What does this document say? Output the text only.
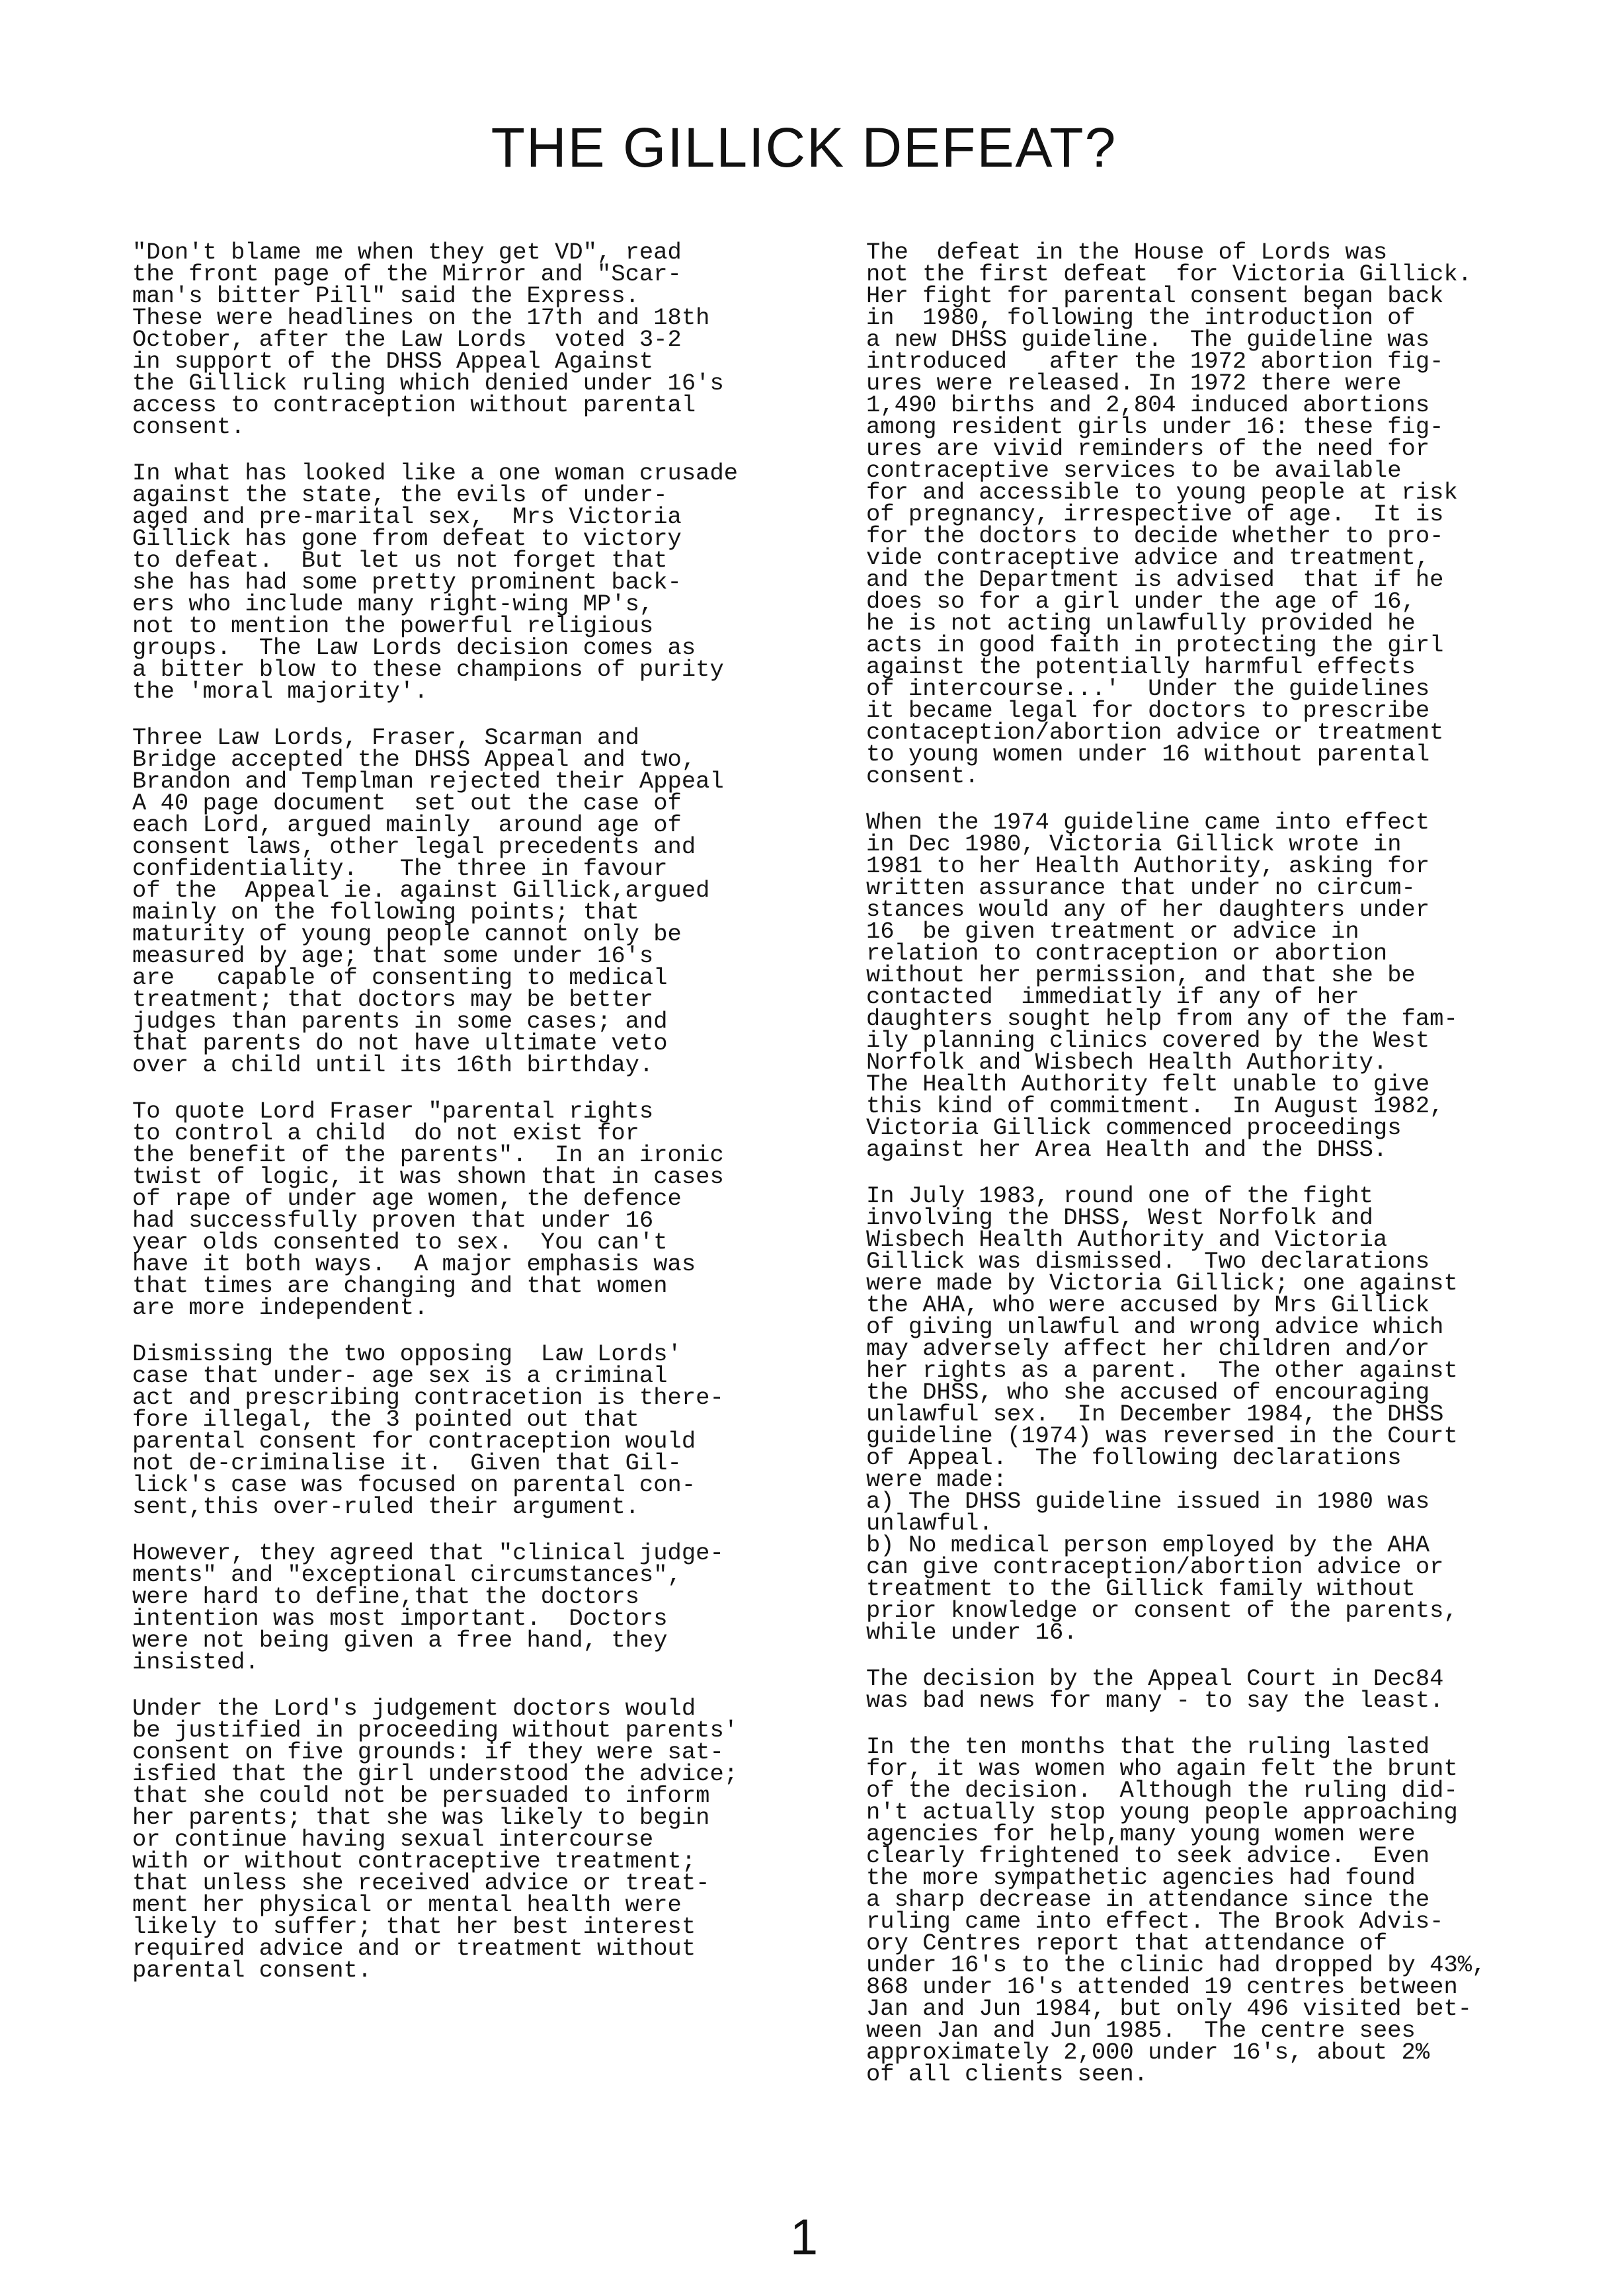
THE GILLICK DEFEAT?
"Don't blame me when they get VD", read
the front page of the Mirror and "Scar-
man's bitter Pill" said the Express.
These were headlines on the 17th and 18th
October, after the Law Lords  voted 3-2
in support of the DHSS Appeal Against
the Gillick ruling which denied under 16's
access to contraception without parental
consent.
In what has looked like a one woman crusade
against the state, the evils of under-
aged and pre-marital sex,  Mrs Victoria
Gillick has gone from defeat to victory
to defeat.  But let us not forget that
she has had some pretty prominent back-
ers who include many right-wing MP's,
not to mention the powerful religious
groups.  The Law Lords decision comes as
a bitter blow to these champions of purity
the 'moral majority'.
Three Law Lords, Fraser, Scarman and
Bridge accepted the DHSS Appeal and two,
Brandon and Templman rejected their Appeal
A 40 page document  set out the case of
each Lord, argued mainly  around age of
consent laws, other legal precedents and
confidentiality.   The three in favour
of the  Appeal ie. against Gillick,argued
mainly on the following points; that
maturity of young people cannot only be
measured by age; that some under 16's
are   capable of consenting to medical
treatment; that doctors may be better
judges than parents in some cases; and
that parents do not have ultimate veto
over a child until its 16th birthday.
To quote Lord Fraser "parental rights
to control a child  do not exist for
the benefit of the parents".  In an ironic
twist of logic, it was shown that in cases
of rape of under age women, the defence
had successfully proven that under 16
year olds consented to sex.  You can't
have it both ways.  A major emphasis was
that times are changing and that women
are more independent.
Dismissing the two opposing  Law Lords'
case that under- age sex is a criminal
act and prescribing contracetion is there-
fore illegal, the 3 pointed out that
parental consent for contraception would
not de-criminalise it.  Given that Gil-
lick's case was focused on parental con-
sent,this over-ruled their argument.
However, they agreed that "clinical judge-
ments" and "exceptional circumstances",
were hard to define,that the doctors
intention was most important.  Doctors
were not being given a free hand, they
insisted.
Under the Lord's judgement doctors would
be justified in proceeding without parents'
consent on five grounds: if they were sat-
isfied that the girl understood the advice;
that she could not be persuaded to inform
her parents; that she was likely to begin
or continue having sexual intercourse
with or without contraceptive treatment;
that unless she received advice or treat-
ment her physical or mental health were
likely to suffer; that her best interest
required advice and or treatment without
parental consent.
The  defeat in the House of Lords was
not the first defeat  for Victoria Gillick.
Her fight for parental consent began back
in  1980, following the introduction of
a new DHSS guideline.  The guideline was
introduced   after the 1972 abortion fig-
ures were released. In 1972 there were
1,490 births and 2,804 induced abortions
among resident girls under 16: these fig-
ures are vivid reminders of the need for
contraceptive services to be available
for and accessible to young people at risk
of pregnancy, irrespective of age.  It is
for the doctors to decide whether to pro-
vide contraceptive advice and treatment,
and the Department is advised  that if he
does so for a girl under the age of 16,
he is not acting unlawfully provided he
acts in good faith in protecting the girl
against the potentially harmful effects
of intercourse...'  Under the guidelines
it became legal for doctors to prescribe
contaception/abortion advice or treatment
to young women under 16 without parental
consent.
When the 1974 guideline came into effect
in Dec 1980, Victoria Gillick wrote in
1981 to her Health Authority, asking for
written assurance that under no circum-
stances would any of her daughters under
16  be given treatment or advice in
relation to contraception or abortion
without her permission, and that she be
contacted  immediatly if any of her
daughters sought help from any of the fam-
ily planning clinics covered by the West
Norfolk and Wisbech Health Authority.
The Health Authority felt unable to give
this kind of commitment.  In August 1982,
Victoria Gillick commenced proceedings
against her Area Health and the DHSS.
In July 1983, round one of the fight
involving the DHSS, West Norfolk and
Wisbech Health Authority and Victoria
Gillick was dismissed.  Two declarations
were made by Victoria Gillick; one against
the AHA, who were accused by Mrs Gillick
of giving unlawful and wrong advice which
may adversely affect her children and/or
her rights as a parent.  The other against
the DHSS, who she accused of encouraging
unlawful sex.  In December 1984, the DHSS
guideline (1974) was reversed in the Court
of Appeal.  The following declarations
were made:
a) The DHSS guideline issued in 1980 was
unlawful.
b) No medical person employed by the AHA
can give contraception/abortion advice or
treatment to the Gillick family without
prior knowledge or consent of the parents,
while under 16.
The decision by the Appeal Court in Dec84
was bad news for many - to say the least.
In the ten months that the ruling lasted
for, it was women who again felt the brunt
of the decision.  Although the ruling did-
n't actually stop young people approaching
agencies for help,many young women were
clearly frightened to seek advice.  Even
the more sympathetic agencies had found
a sharp decrease in attendance since the
ruling came into effect. The Brook Advis-
ory Centres report that attendance of
under 16's to the clinic had dropped by 43%,
868 under 16's attended 19 centres between
Jan and Jun 1984, but only 496 visited bet-
ween Jan and Jun 1985.  The centre sees
approximately 2,000 under 16's, about 2%
of all clients seen.
1
